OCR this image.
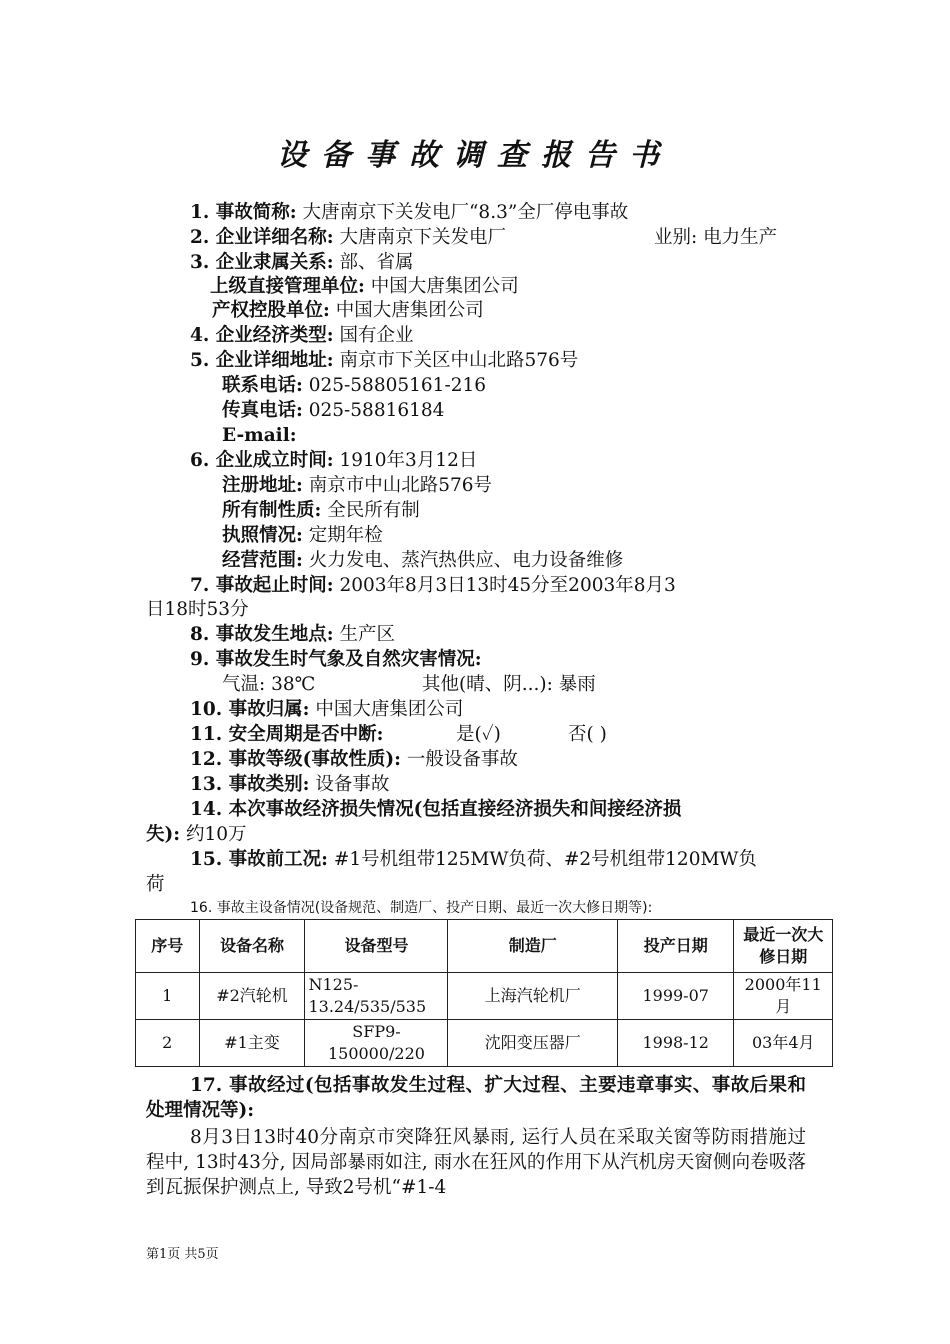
设备事故调查报告书
1. 事故简称: 大唐南京下关发电厂“8.3”全厂停电事故
2. 企业详细名称: 大唐南京下关发电厂	业别: 电力生产
3. 企业隶属关系: 部、省属
上级直接管理单位: 中国大唐集团公司
产权控股单位: 中国大唐集团公司
4. 企业经济类型: 国有企业
5. 企业详细地址: 南京市下关区中山北路576号
联系电话: 025-58805161-216
传真电话: 025-58816184
E-mail:
6. 企业成立时间: 1910年3月12日
注册地址: 南京市中山北路576号
所有制性质: 全民所有制
执照情况: 定期年检
经营范围: 火力发电、蒸汽热供应、电力设备维修
7. 事故起止时间: 2003年8月3日13时45分至2003年8月3
日18时53分
8. 事故发生地点: 生产区
9. 事故发生时气象及自然灾害情况:
气温: 38℃	其他(晴、阴...): 暴雨
10. 事故归属: 中国大唐集团公司
11. 安全周期是否中断:	是(✓)	否( )
12. 事故等级(事故性质): 一般设备事故
13. 事故类别: 设备事故
14. 本次事故经济损失情况(包括直接经济损失和间接经济损
失): 约10万
15. 事故前工况: #1号机组带125MW负荷、#2号机组带120MW负
荷
16. 事故主设备情况(设备规范、制造厂、投产日期、最近一次大修日期等):
序号	设备名称	设备型号	制造厂	投产日期	最近一次大修日期
1	#2汽轮机	N125-13.24/535/535	上海汽轮机厂	1999-07	2000年11月
2	#1主变	SFP9-150000/220	沈阳变压器厂	1998-12	03年4月
17. 事故经过(包括事故发生过程、扩大过程、主要违章事实、事故后果和处理情况等):
8月3日13时40分南京市突降狂风暴雨, 运行人员在采取关窗等防雨措施过程中, 13时43分, 因局部暴雨如注, 雨水在狂风的作用下从汽机房天窗侧向卷吸落到瓦振保护测点上, 导致2号机“#1-4
第1页 共5页
